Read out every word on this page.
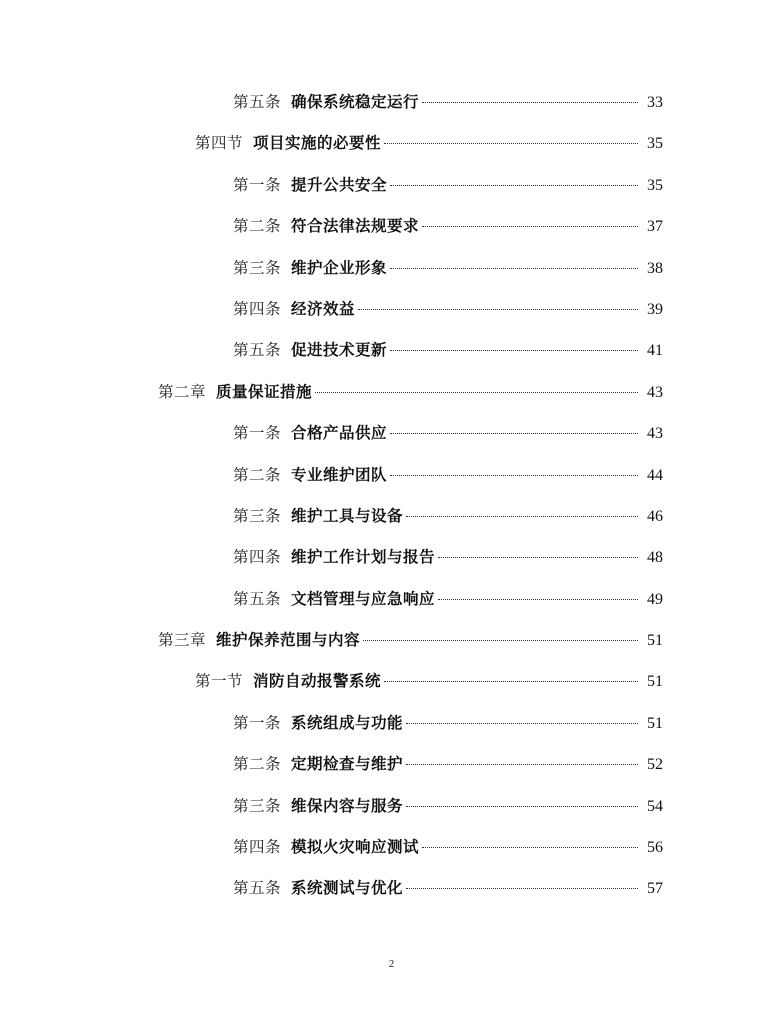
第五条 确保系统稳定运行	33
第四节 项目实施的必要性	35
第一条 提升公共安全	35
第二条 符合法律法规要求	37
第三条 维护企业形象	38
第四条 经济效益	39
第五条 促进技术更新	41
第二章 质量保证措施	43
第一条 合格产品供应	43
第二条 专业维护团队	44
第三条 维护工具与设备	46
第四条 维护工作计划与报告	48
第五条 文档管理与应急响应	49
第三章 维护保养范围与内容	51
第一节 消防自动报警系统	51
第一条 系统组成与功能	51
第二条 定期检查与维护	52
第三条 维保内容与服务	54
第四条 模拟火灾响应测试	56
第五条 系统测试与优化	57
2
